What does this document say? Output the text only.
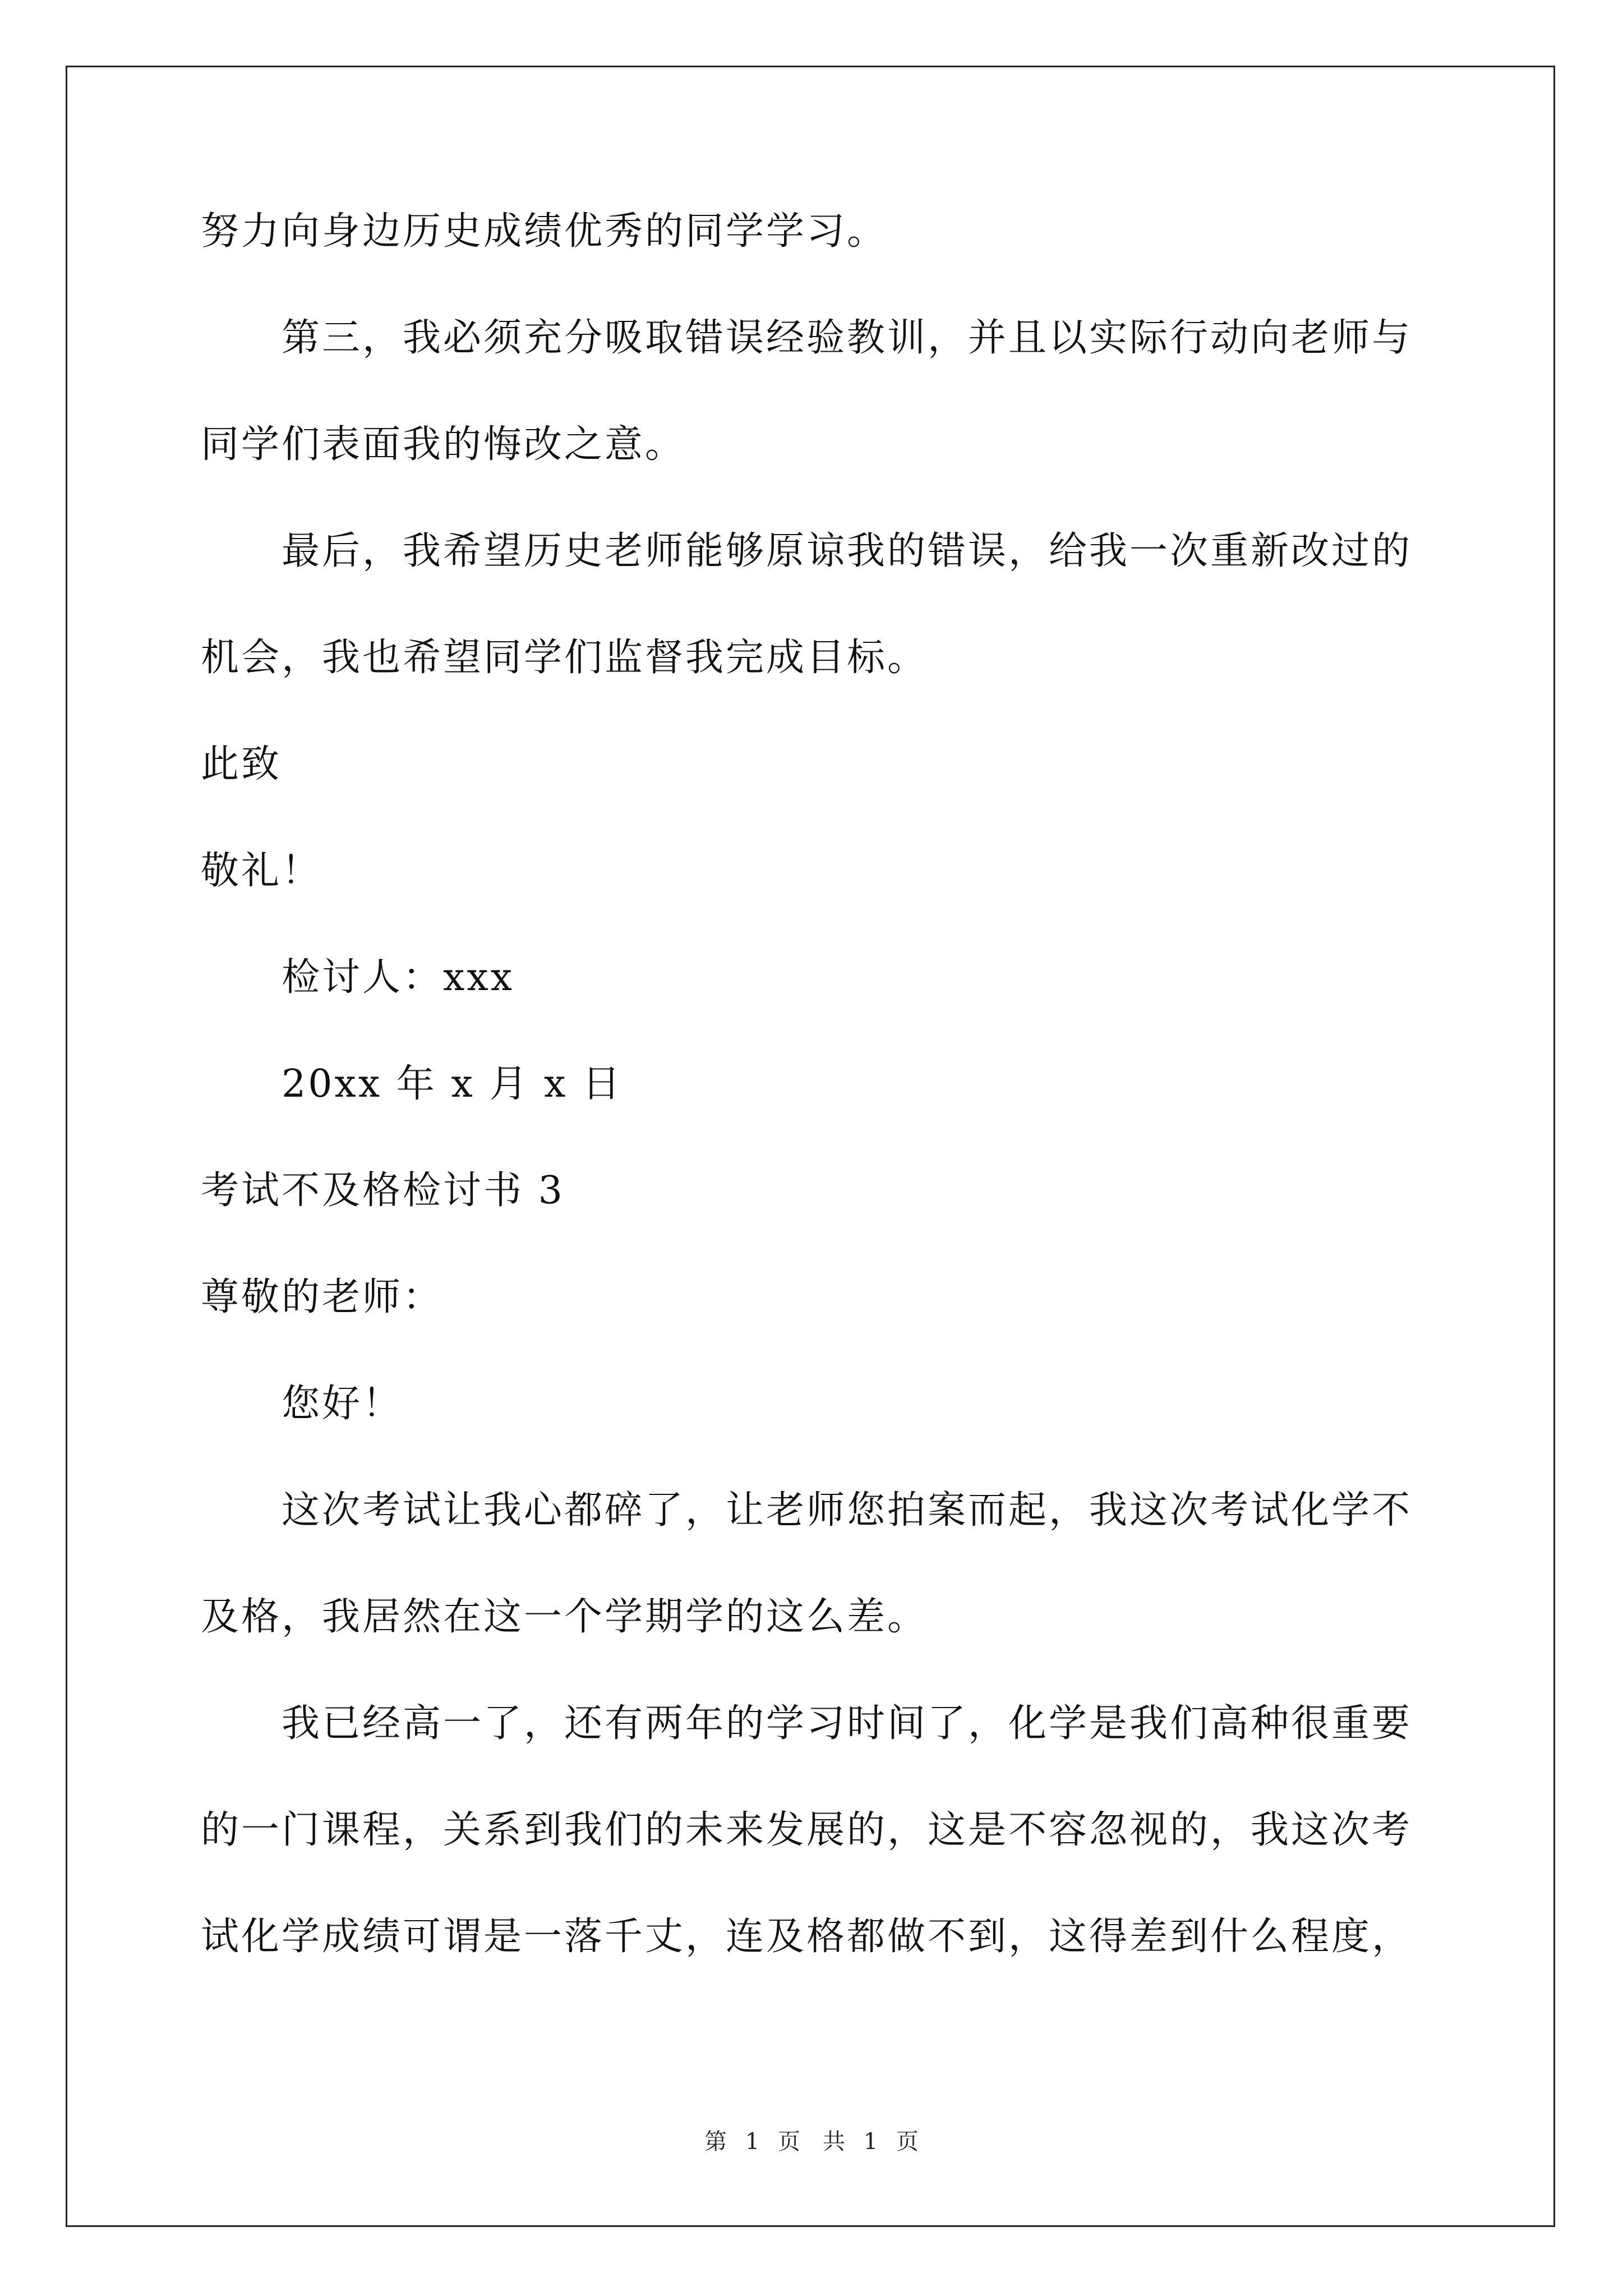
努力向身边历史成绩优秀的同学学习。
第三，我必须充分吸取错误经验教训，并且以实际行动向老师与
同学们表面我的悔改之意。
最后，我希望历史老师能够原谅我的错误，给我一次重新改过的
机会，我也希望同学们监督我完成目标。
此致
敬礼！
检讨人：xxx
20xx 年 x 月 x 日
考试不及格检讨书 3
尊敬的老师：
您好！
这次考试让我心都碎了，让老师您拍案而起，我这次考试化学不
及格，我居然在这一个学期学的这么差。
我已经高一了，还有两年的学习时间了，化学是我们高种很重要
的一门课程，关系到我们的未来发展的，这是不容忽视的，我这次考
试化学成绩可谓是一落千丈，连及格都做不到，这得差到什么程度，
第 1 页　共 1 页
